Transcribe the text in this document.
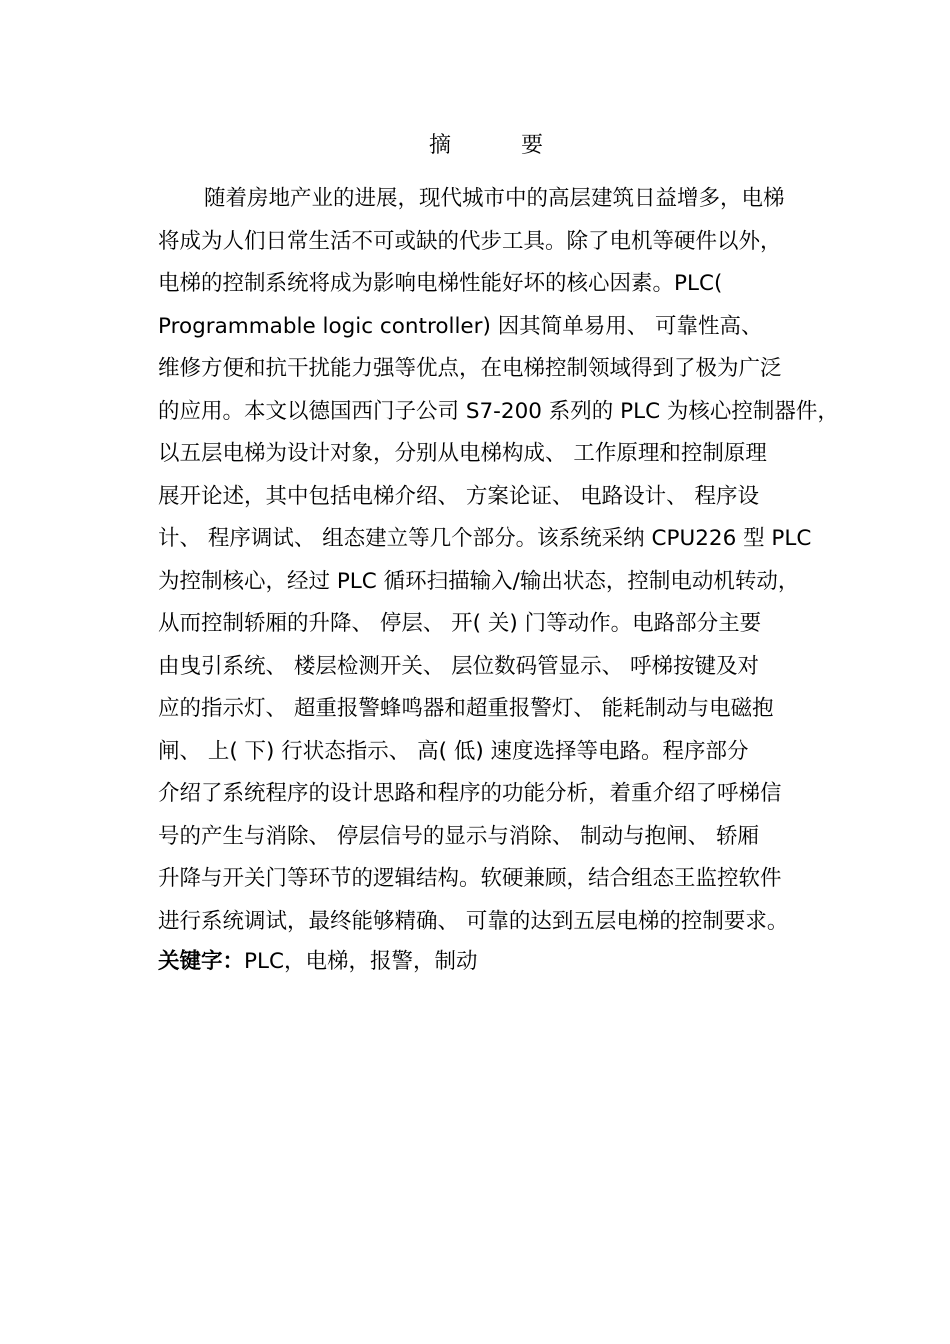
摘　要
随着房地产业的进展，现代城市中的高层建筑日益增多，电梯
将成为人们日常生活不可或缺的代步工具。除了电机等硬件以外，
电梯的控制系统将成为影响电梯性能好坏的核心因素。PLC(
Programmable logic controller) 因其简单易用、 可靠性高、
维修方便和抗干扰能力强等优点，在电梯控制领域得到了极为广泛
的应用。本文以德国西门子公司 S7-200 系列的 PLC 为核心控制器件，
以五层电梯为设计对象，分别从电梯构成、 工作原理和控制原理
展开论述，其中包括电梯介绍、 方案论证、 电路设计、 程序设
计、 程序调试、 组态建立等几个部分。该系统采纳 CPU226 型 PLC
为控制核心，经过 PLC 循环扫描输入/输出状态，控制电动机转动，
从而控制轿厢的升降、 停层、 开( 关) 门等动作。电路部分主要
由曳引系统、 楼层检测开关、 层位数码管显示、 呼梯按键及对
应的指示灯、 超重报警蜂鸣器和超重报警灯、 能耗制动与电磁抱
闸、 上( 下) 行状态指示、 高( 低) 速度选择等电路。程序部分
介绍了系统程序的设计思路和程序的功能分析，着重介绍了呼梯信
号的产生与消除、 停层信号的显示与消除、 制动与抱闸、 轿厢
升降与开关门等环节的逻辑结构。软硬兼顾，结合组态王监控软件
进行系统调试，最终能够精确、 可靠的达到五层电梯的控制要求。
关键字：PLC，电梯，报警，制动
